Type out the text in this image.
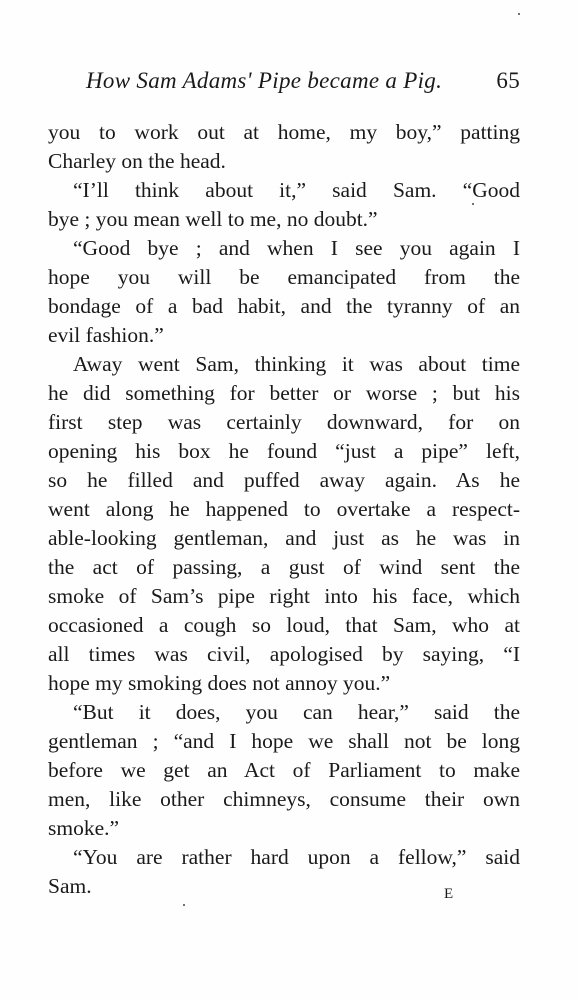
How Sam Adams' Pipe became a Pig. 65
you to work out at home, my boy,” patting
Charley on the head.
“I’ll think about it,” said Sam. “Good
bye ; you mean well to me, no doubt.”
“Good bye ; and when I see you again I
hope you will be emancipated from the
bondage of a bad habit, and the tyranny of an
evil fashion.”
Away went Sam, thinking it was about time
he did something for better or worse ; but his
first step was certainly downward, for on
opening his box he found “just a pipe” left,
so he filled and puffed away again. As he
went along he happened to overtake a respect-
able-looking gentleman, and just as he was in
the act of passing, a gust of wind sent the
smoke of Sam’s pipe right into his face, which
occasioned a cough so loud, that Sam, who at
all times was civil, apologised by saying, “I
hope my smoking does not annoy you.”
“But it does, you can hear,” said the
gentleman ; “and I hope we shall not be long
before we get an Act of Parliament to make
men, like other chimneys, consume their own
smoke.”
“You are rather hard upon a fellow,” said
Sam.	E
